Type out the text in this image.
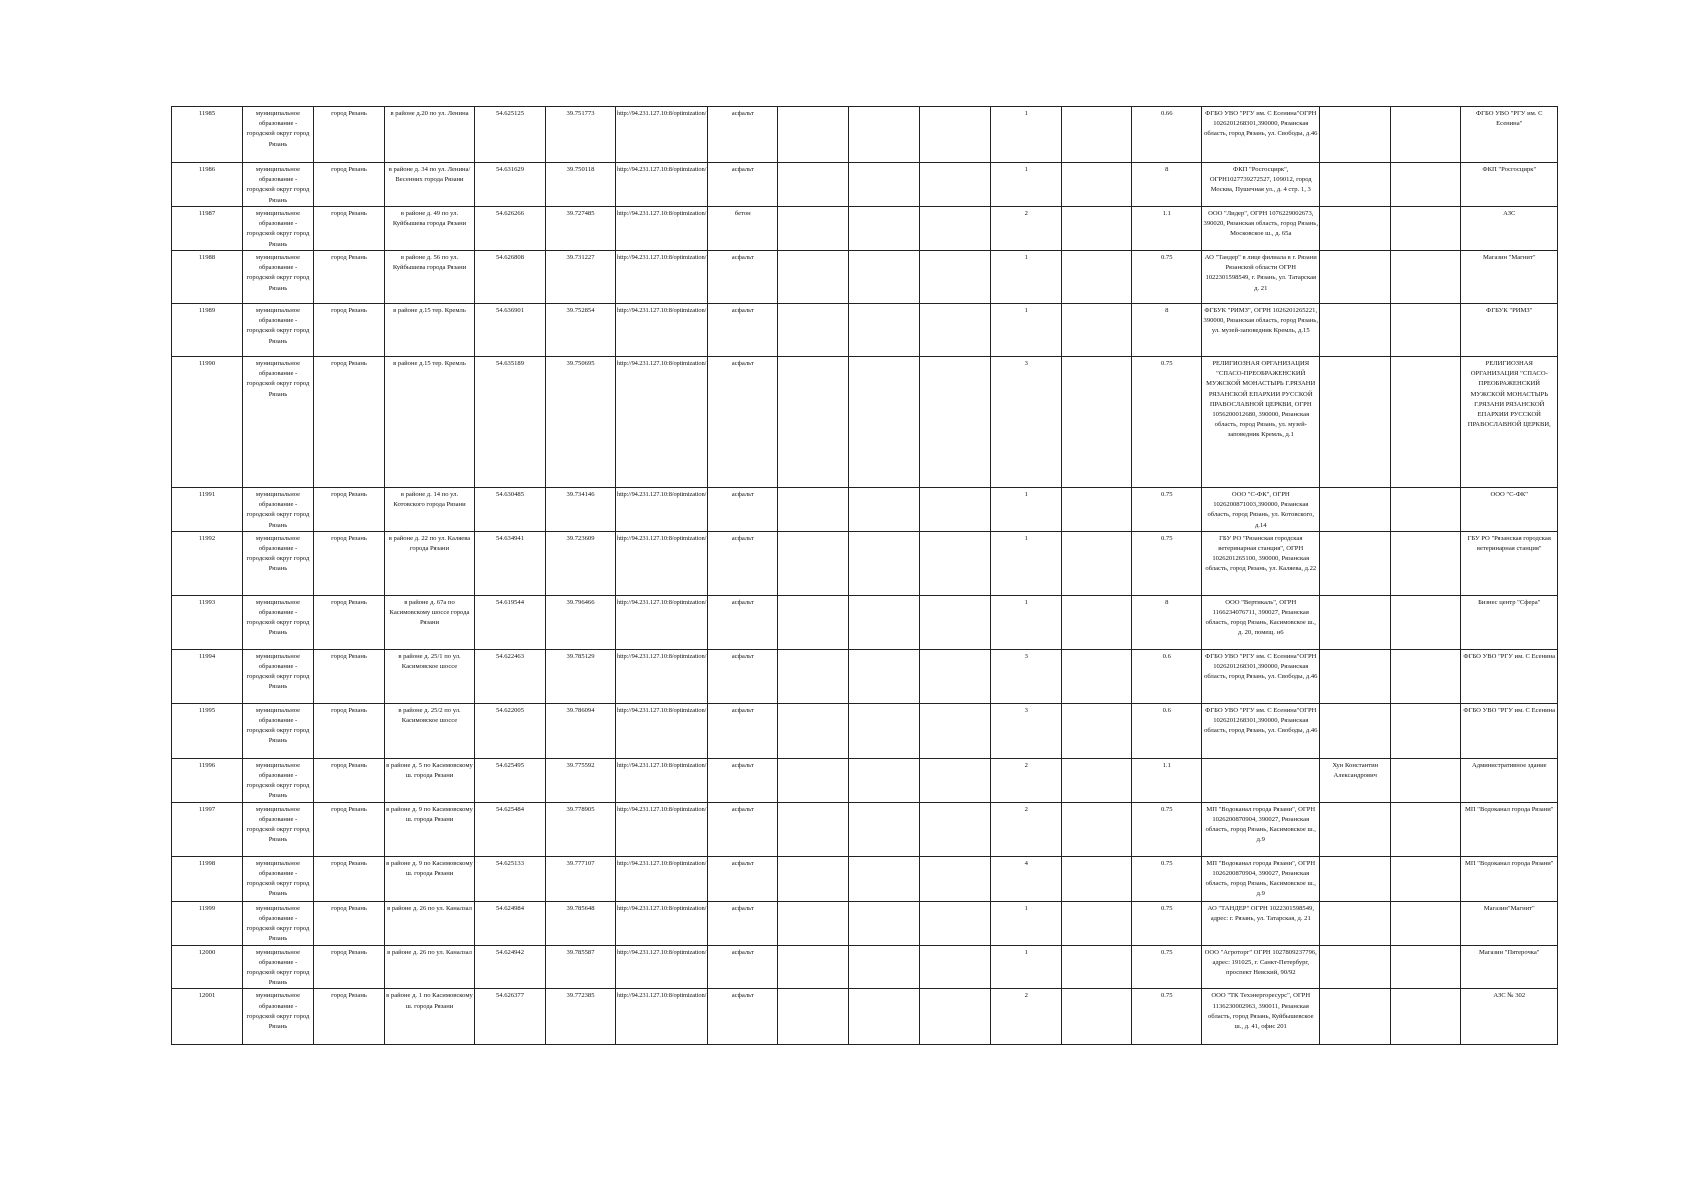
11985	муниципальное образование - городской округ город Рязань	город Рязань	в районе д.20 по ул. Ленина	54.625125	39.751773	http://94.231.127.10:8/optimization/	асфальт				1		0.66	ФГБО УВО "РГУ им. С Есенина"ОГРН 1026201268301,390000, Рязанская область, город Рязань, ул. Свободы, д.46			ФГБО УВО "РГУ им. С Есенина"
11986	муниципальное образование - городской округ город Рязань	город Рязань	в районе д. 34 по ул. Ленина/Весенних города Рязани	54.631629	39.750118	http://94.231.127.10:8/optimization/	асфальт				1		8	ФКП "Росгосцирк", ОГРН1027739272527, 109012, город Москва, Пушечная ул., д. 4 стр. 1, 3			ФКП "Росгосцирк"
11987	муниципальное образование - городской округ город Рязань	город Рязань	в районе д. 49 по ул. Куйбышева города Рязани	54.626266	39.727485	http://94.231.127.10:8/optimization/	бетон				2		1.1	ООО "Лидер", ОГРН 1076229002673, 390020, Рязанская область, город Рязань, Московское ш., д. 65а			АЗС
11988	муниципальное образование - городской округ город Рязань	город Рязань	в районе д. 56 по ул. Куйбышева города Рязани	54.626808	39.731227	http://94.231.127.10:8/optimization/	асфальт				1		0.75	АО "Тандер" в лице филиала в г. Рязани Рязанской области ОГРН 1022301598549, г. Рязань, ул. Татарская д. 21			Магазин "Магнит"
11989	муниципальное образование - городской округ город Рязань	город Рязань	в районе д.15 тер. Кремль	54.636901	39.752854	http://94.231.127.10:8/optimization/	асфальт				1		8	ФГБУК "РИМЗ", ОГРН 1026201265221, 390000, Рязанская область, город Рязань, ул. музей-заповедник Кремль, д.15			ФГБУК "РИМЗ"
11990	муниципальное образование - городской округ город Рязань	город Рязань	в районе д.15 тер. Кремль	54.635189	39.750695	http://94.231.127.10:8/optimization/	асфальт				3		0.75	РЕЛИГИОЗНАЯ ОРГАНИЗАЦИЯ "СПАСО-ПРЕОБРАЖЕНСКИЙ МУЖСКОЙ МОНАСТЫРЬ Г.РЯЗАНИ РЯЗАНСКОЙ ЕПАРХИИ РУССКОЙ ПРАВОСЛАВНОЙ ЦЕРКВИ, ОГРН 1056200012680, 390000, Рязанская область, город Рязань, ул. музей-заповедник Кремль, д.1			РЕЛИГИОЗНАЯ ОРГАНИЗАЦИЯ "СПАСО-ПРЕОБРАЖЕНСКИЙ МУЖСКОЙ МОНАСТЫРЬ Г.РЯЗАНИ РЯЗАНСКОЙ ЕПАРХИИ РУССКОЙ ПРАВОСЛАВНОЙ ЦЕРКВИ,
11991	муниципальное образование - городской округ город Рязань	город Рязань	в районе д. 14 по ул. Котовского города Рязани	54.630485	39.734146	http://94.231.127.10:8/optimization/	асфальт				1		0.75	ООО "С-ФК", ОГРН 1026200871003,390000, Рязанская область, город Рязань, ул. Котовского, д.14			ООО "С-ФК"
11992	муниципальное образование - городской округ город Рязань	город Рязань	в районе д. 22 по ул. Каляева города Рязани	54.634941	39.723609	http://94.231.127.10:8/optimization/	асфальт				1		0.75	ГБУ РО "Рязанская городская ветеринарная станция", ОГРН 1026201265100, 390000, Рязанская область, город Рязань, ул. Каляева, д.22			ГБУ РО "Рязанская городская ветеринарная станция"
11993	муниципальное образование - городской округ город Рязань	город Рязань	в районе д. 67а по Касимовскому шоссе города Рязани	54.619544	39.796466	http://94.231.127.10:8/optimization/	асфальт				1		8	ООО "Вертикаль", ОГРН 1166234076711, 390027, Рязанская область, город Рязань, Касимовское ш., д. 20, помещ. н6			Бизнес центр "Сфера"
11994	муниципальное образование - городской округ город Рязань	город Рязань	в районе д. 25/1 по ул. Касимовское шоссе	54.622463	39.785129	http://94.231.127.10:8/optimization/	асфальт				3		0.6	ФГБО УВО "РГУ им. С Есенина"ОГРН 1026201268301,390000, Рязанская область, город Рязань, ул. Свободы, д.46			ФГБО УВО "РГУ им. С Есенина
11995	муниципальное образование - городской округ город Рязань	город Рязань	в районе д. 25/2 по ул. Касимовское шоссе	54.622005	39.786094	http://94.231.127.10:8/optimization/	асфальт				3		0.6	ФГБО УВО "РГУ им. С Есенина"ОГРН 1026201268301,390000, Рязанская область, город Рязань, ул. Свободы, д.46			ФГБО УВО "РГУ им. С Есенина
11996	муниципальное образование - городской округ город Рязань	город Рязань	в районе д. 5 по Касимовскому ш. города Рязани	54.625495	39.775592	http://94.231.127.10:8/optimization/	асфальт				2		1.1		Хун Константин Александрович		Административное здание
11997	муниципальное образование - городской округ город Рязань	город Рязань	в районе д. 9 по Касимовскому ш. города Рязани	54.625484	39.778905	http://94.231.127.10:8/optimization/	асфальт				2		0.75	МП "Водоканал города Рязани", ОГРН 1026200870904, 390027, Рязанская область, город Рязань, Касимовское ш., д.9			МП "Водоканал города Рязани"
11998	муниципальное образование - городской округ город Рязань	город Рязань	в районе д. 9 по Касимовскому ш. города Рязани	54.625133	39.777107	http://94.231.127.10:8/optimization/	асфальт				4		0.75	МП "Водоканал города Рязани", ОГРН 1026200870904, 390027, Рязанская область, город Рязань, Касимовское ш., д.9			МП "Водоканал города Рязани"
11999	муниципальное образование - городской округ город Рязань	город Рязань	в районе д. 26 по ул. Каналзал	54.624984	39.785648	http://94.231.127.10:8/optimization/	асфальт				1		0.75	АО "ТАНДЕР" ОГРН 1022301598549, адрес: г. Рязань, ул. Татарская, д. 21			Магазин"Магнит"
12000	муниципальное образование - городской округ город Рязань	город Рязань	в районе д. 26 по ул. Каналзал	54.624942	39.785587	http://94.231.127.10:8/optimization/	асфальт				1		0.75	ООО "Агроторг" ОГРН 1027809237796, адрес: 191025, г. Санкт-Петербург, проспект Невский, 90/92			Магазин "Пятерочка"
12001	муниципальное образование - городской округ город Рязань	город Рязань	в районе д. 1 по Касимовскому ш. города Рязани	54.626377	39.772385	http://94.231.127.10:8/optimization/	асфальт				2		0.75	ООО "ТК Техэнергоресурс", ОГРН 1136230002963, 390011, Рязанская область, город Рязань, Куйбышевское ш., д. 41, офис 201			АЗС № 302
